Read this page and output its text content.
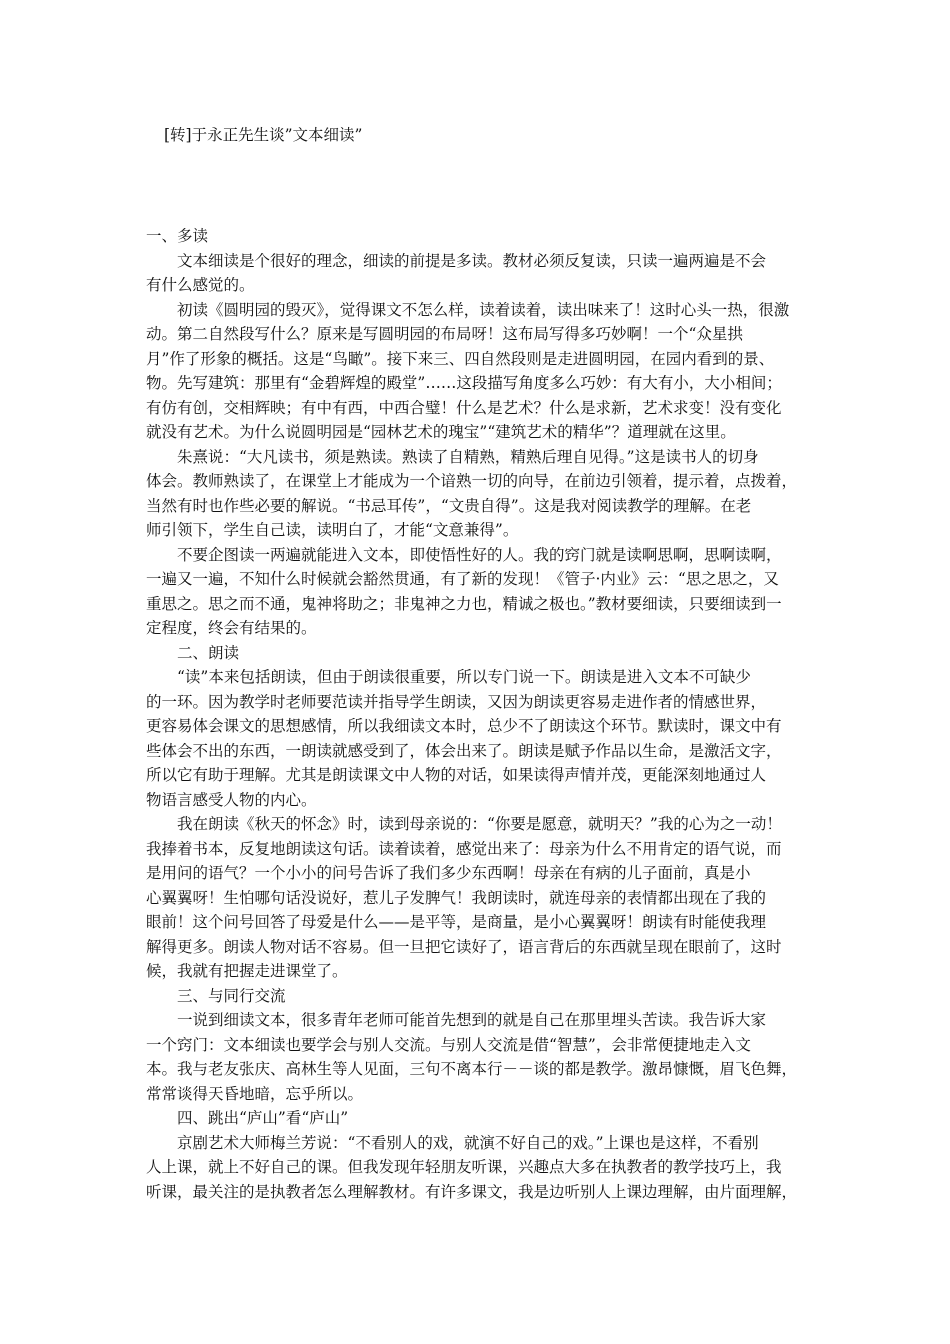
[转]于永正先生谈”文本细读”
一、多读

　　文本细读是个很好的理念，细读的前提是多读。教材必须反复读，只读一遍两遍是不会
有什么感觉的。

　　初读《圆明园的毁灭》，觉得课文不怎么样，读着读着，读出味来了！这时心头一热，很激
动。第二自然段写什么？原来是写圆明园的布局呀！这布局写得多巧妙啊！一个“众星拱
月”作了形象的概括。这是“鸟瞰”。接下来三、四自然段则是走进圆明园，在园内看到的景、
物。先写建筑：那里有“金碧辉煌的殿堂”……这段描写角度多么巧妙：有大有小，大小相间；
有仿有创，交相辉映；有中有西，中西合璧！什么是艺术？什么是求新，艺术求变！没有变化
就没有艺术。为什么说圆明园是“园林艺术的瑰宝”“建筑艺术的精华”？道理就在这里。

　　朱熹说：“大凡读书，须是熟读。熟读了自精熟，精熟后理自见得。”这是读书人的切身
体会。教师熟读了，在课堂上才能成为一个谙熟一切的向导，在前边引领着，提示着，点拨着，
当然有时也作些必要的解说。“书忌耳传”，“文贵自得”。这是我对阅读教学的理解。在老
师引领下，学生自己读，读明白了，才能“文意兼得”。

　　不要企图读一两遍就能进入文本，即使悟性好的人。我的窍门就是读啊思啊，思啊读啊，
一遍又一遍，不知什么时候就会豁然贯通，有了新的发现！《管子·内业》云：“思之思之，又
重思之。思之而不通，鬼神将助之；非鬼神之力也，精诚之极也。”教材要细读，只要细读到一
定程度，终会有结果的。

　　二、朗读

　　“读”本来包括朗读，但由于朗读很重要，所以专门说一下。朗读是进入文本不可缺少
的一环。因为教学时老师要范读并指导学生朗读，又因为朗读更容易走进作者的情感世界，
更容易体会课文的思想感情，所以我细读文本时，总少不了朗读这个环节。默读时，课文中有
些体会不出的东西，一朗读就感受到了，体会出来了。朗读是赋予作品以生命，是激活文字，
所以它有助于理解。尤其是朗读课文中人物的对话，如果读得声情并茂，更能深刻地通过人
物语言感受人物的内心。

　　我在朗读《秋天的怀念》时，读到母亲说的：“你要是愿意，就明天？”我的心为之一动！
我捧着书本，反复地朗读这句话。读着读着，感觉出来了：母亲为什么不用肯定的语气说，而
是用问的语气？一个小小的问号告诉了我们多少东西啊！母亲在有病的儿子面前，真是小
心翼翼呀！生怕哪句话没说好，惹儿子发脾气！我朗读时，就连母亲的表情都出现在了我的
眼前！这个问号回答了母爱是什么——是平等，是商量，是小心翼翼呀！朗读有时能使我理
解得更多。朗读人物对话不容易。但一旦把它读好了，语言背后的东西就呈现在眼前了，这时
候，我就有把握走进课堂了。

　　三、与同行交流

　　一说到细读文本，很多青年老师可能首先想到的就是自己在那里埋头苦读。我告诉大家
一个窍门：文本细读也要学会与别人交流。与别人交流是借“智慧”，会非常便捷地走入文
本。我与老友张庆、高林生等人见面，三句不离本行－－谈的都是教学。激昂慷慨，眉飞色舞，
常常谈得天昏地暗，忘乎所以。

　　四、跳出“庐山”看“庐山”

　　京剧艺术大师梅兰芳说：“不看别人的戏，就演不好自己的戏。”上课也是这样，不看别
人上课，就上不好自己的课。但我发现年轻朋友听课，兴趣点大多在执教者的教学技巧上，我
听课，最关注的是执教者怎么理解教材。有许多课文，我是边听别人上课边理解，由片面理解，
